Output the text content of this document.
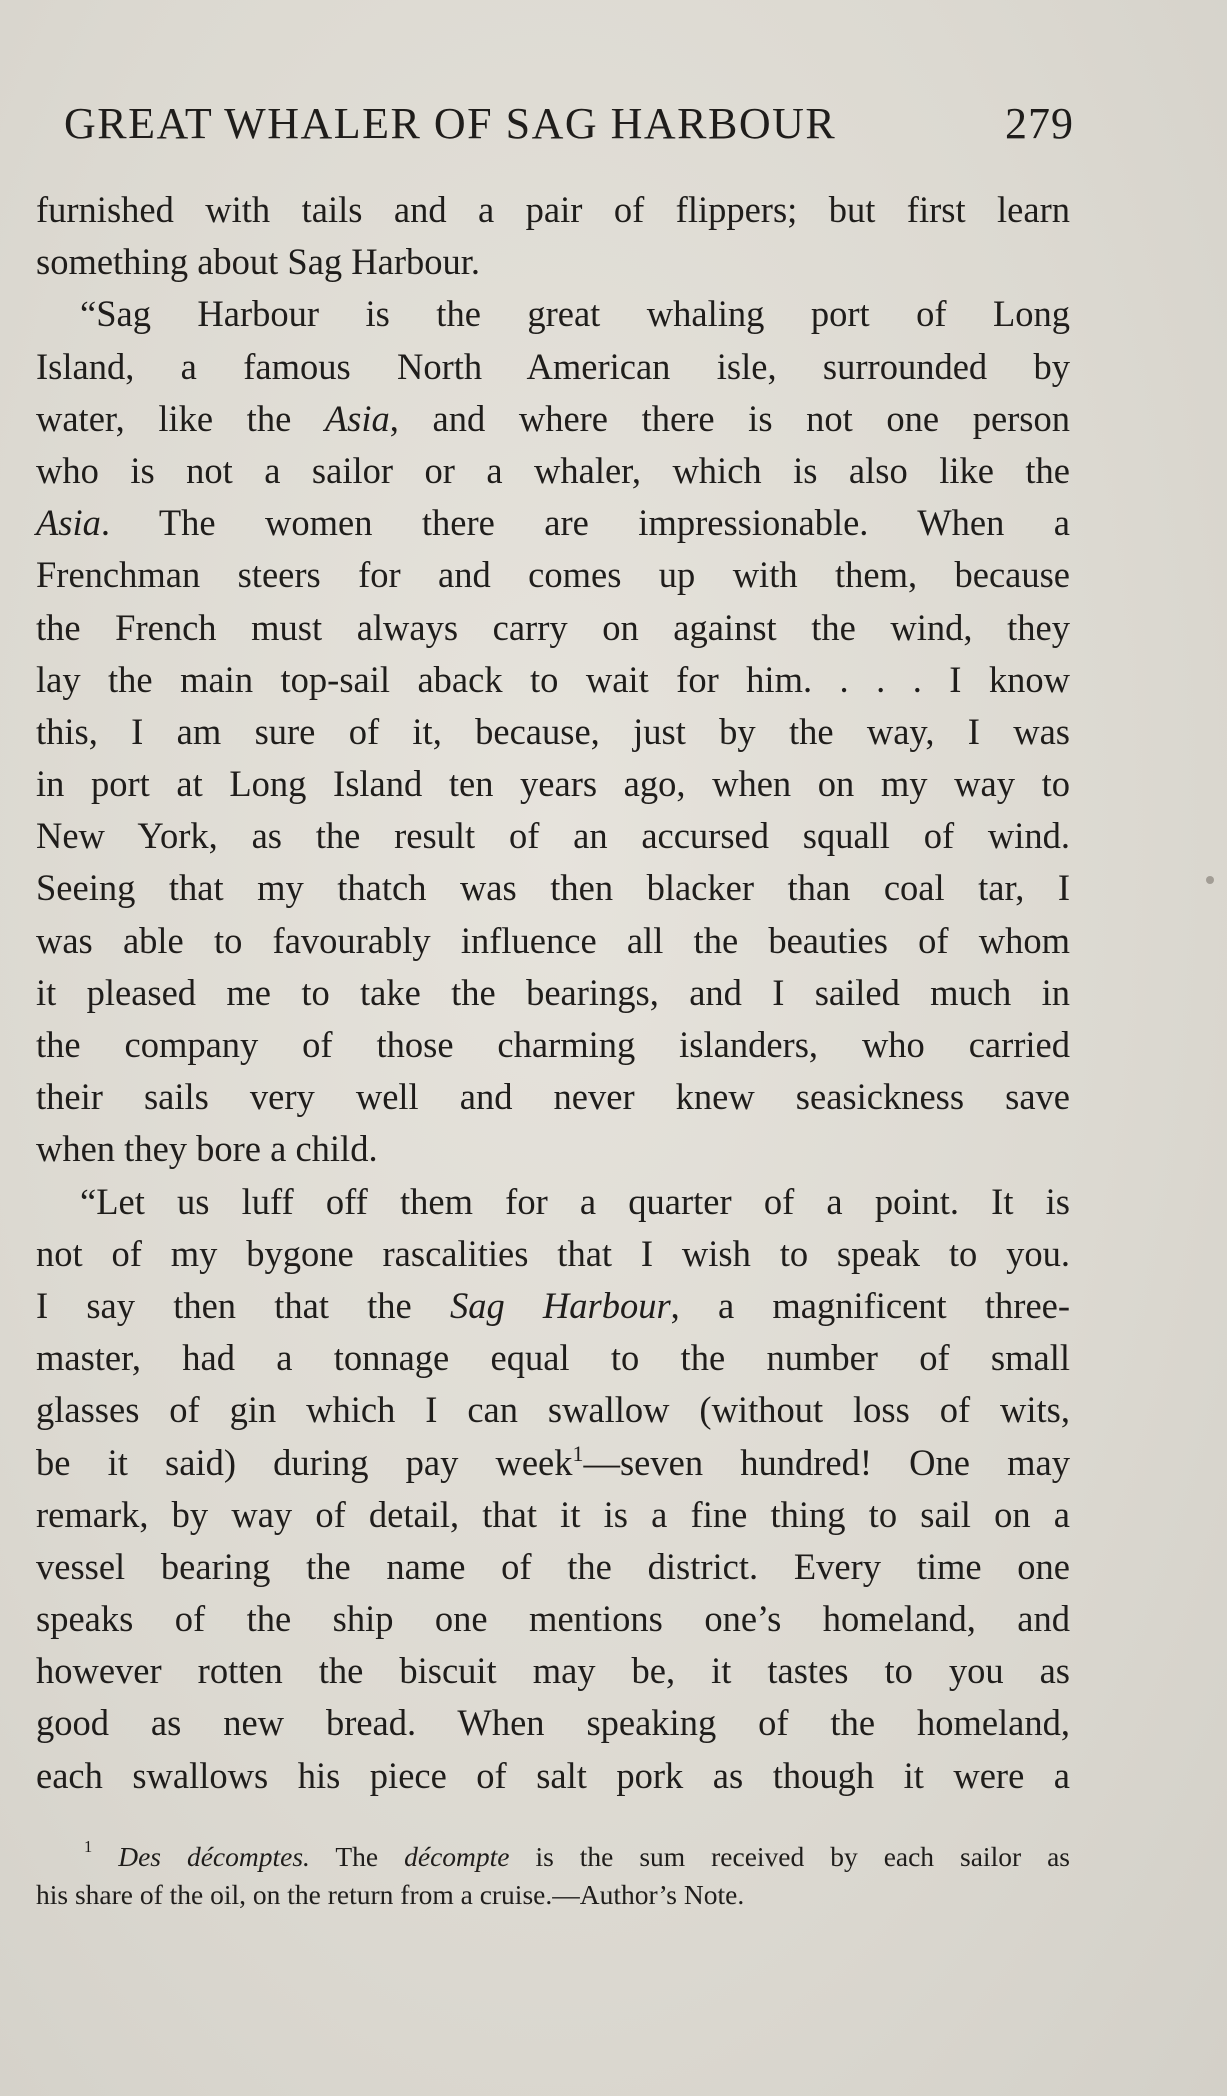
GREAT WHALER OF SAG HARBOUR	279
furnished with tails and a pair of flippers; but first learn
something about Sag Harbour.
“Sag Harbour is the great whaling port of Long
Island, a famous North American isle, surrounded by
water, like the Asia, and where there is not one person
who is not a sailor or a whaler, which is also like the
Asia. The women there are impressionable. When a
Frenchman steers for and comes up with them, because
the French must always carry on against the wind, they
lay the main top-sail aback to wait for him. . . . I know
this, I am sure of it, because, just by the way, I was
in port at Long Island ten years ago, when on my way to
New York, as the result of an accursed squall of wind.
Seeing that my thatch was then blacker than coal tar, I
was able to favourably influence all the beauties of whom
it pleased me to take the bearings, and I sailed much in
the company of those charming islanders, who carried
their sails very well and never knew seasickness save
when they bore a child.
“Let us luff off them for a quarter of a point. It is
not of my bygone rascalities that I wish to speak to you.
I say then that the Sag Harbour, a magnificent three-
master, had a tonnage equal to the number of small
glasses of gin which I can swallow (without loss of wits,
be it said) during pay week$^1$—seven hundred! One may
remark, by way of detail, that it is a fine thing to sail on a
vessel bearing the name of the district. Every time one
speaks of the ship one mentions one’s homeland, and
however rotten the biscuit may be, it tastes to you as
good as new bread. When speaking of the homeland,
each swallows his piece of salt pork as though it were a
$^1$ Des décomptes. The décompte is the sum received by each sailor as
his share of the oil, on the return from a cruise.—Author’s Note.
